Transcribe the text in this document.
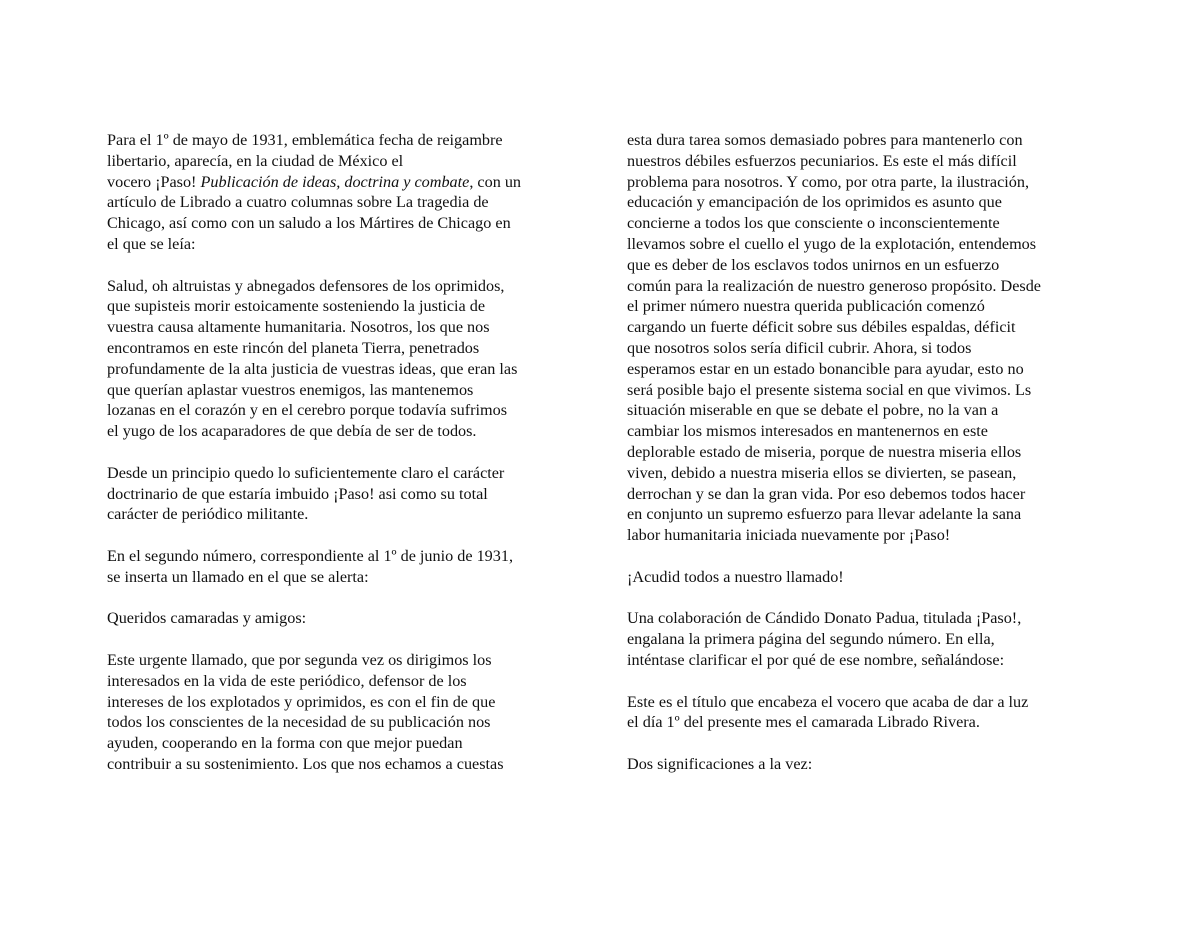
Para el 1º de mayo de 1931, emblemática fecha de reigambre
libertario, aparecía, en la ciudad de México el
vocero ¡Paso! Publicación de ideas, doctrina y combate, con un
artículo de Librado a cuatro columnas sobre La tragedia de
Chicago, así como con un saludo a los Mártires de Chicago en
el que se leía:
Salud, oh altruistas y abnegados defensores de los oprimidos,
que supisteis morir estoicamente sosteniendo la justicia de
vuestra causa altamente humanitaria. Nosotros, los que nos
encontramos en este rincón del planeta Tierra, penetrados
profundamente de la alta justicia de vuestras ideas, que eran las
que querían aplastar vuestros enemigos, las mantenemos
lozanas en el corazón y en el cerebro porque todavía sufrimos
el yugo de los acaparadores de que debía de ser de todos.
Desde un principio quedo lo suficientemente claro el carácter
doctrinario de que estaría imbuido ¡Paso! asi como su total
carácter de periódico militante.
En el segundo número, correspondiente al 1º de junio de 1931,
se inserta un llamado en el que se alerta:
Queridos camaradas y amigos:
Este urgente llamado, que por segunda vez os dirigimos los
interesados en la vida de este periódico, defensor de los
intereses de los explotados y oprimidos, es con el fin de que
todos los conscientes de la necesidad de su publicación nos
ayuden, cooperando en la forma con que mejor puedan
contribuir a su sostenimiento. Los que nos echamos a cuestas
esta dura tarea somos demasiado pobres para mantenerlo con
nuestros débiles esfuerzos pecuniarios. Es este el más difícil
problema para nosotros. Y como, por otra parte, la ilustración,
educación y emancipación de los oprimidos es asunto que
concierne a todos los que consciente o inconscientemente
llevamos sobre el cuello el yugo de la explotación, entendemos
que es deber de los esclavos todos unirnos en un esfuerzo
común para la realización de nuestro generoso propósito. Desde
el primer número nuestra querida publicación comenzó
cargando un fuerte déficit sobre sus débiles espaldas, déficit
que nosotros solos sería dificil cubrir. Ahora, si todos
esperamos estar en un estado bonancible para ayudar, esto no
será posible bajo el presente sistema social en que vivimos. Ls
situación miserable en que se debate el pobre, no la van a
cambiar los mismos interesados en mantenernos en este
deplorable estado de miseria, porque de nuestra miseria ellos
viven, debido a nuestra miseria ellos se divierten, se pasean,
derrochan y se dan la gran vida. Por eso debemos todos hacer
en conjunto un supremo esfuerzo para llevar adelante la sana
labor humanitaria iniciada nuevamente por ¡Paso!
¡Acudid todos a nuestro llamado!
Una colaboración de Cándido Donato Padua, titulada ¡Paso!,
engalana la primera página del segundo número. En ella,
inténtase clarificar el por qué de ese nombre, señalándose:
Este es el título que encabeza el vocero que acaba de dar a luz
el día 1º del presente mes el camarada Librado Rivera.
Dos significaciones a la vez:
